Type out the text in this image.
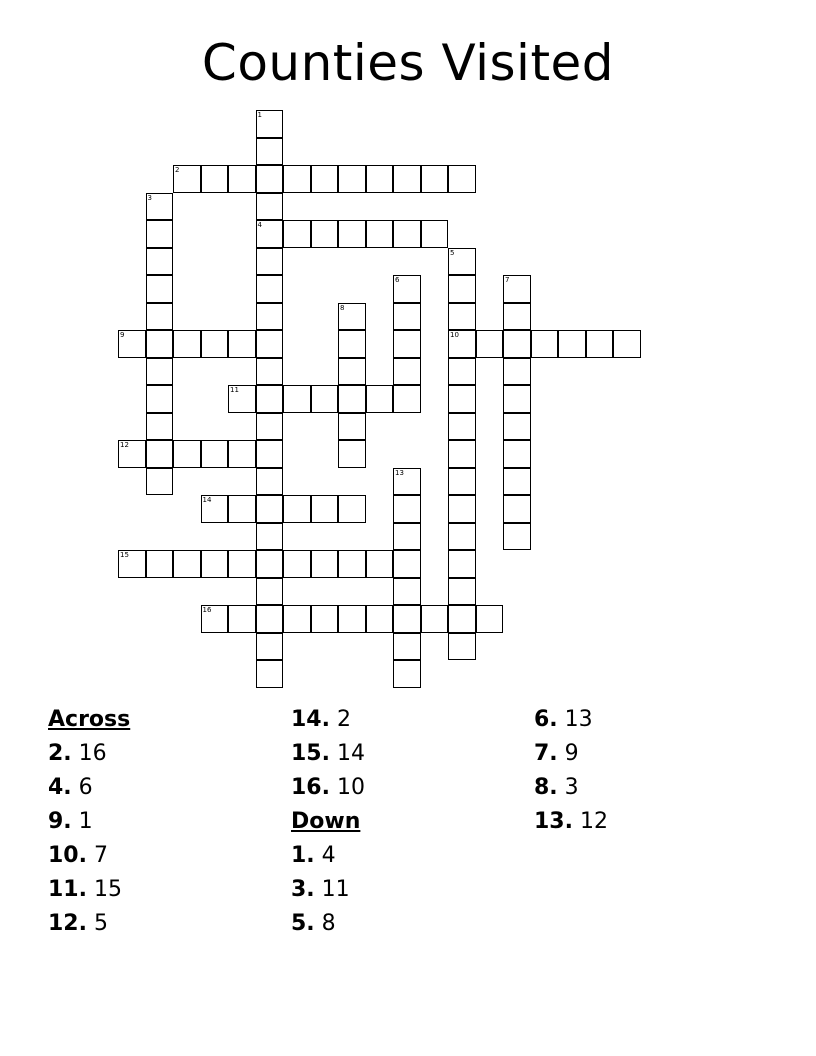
Counties Visited
1
4
2
3
5
10
6	7
8
9
11
12
13
14
15
16
Across
2. 16
4. 6
9. 1
10. 7
11. 15
12. 5
14. 2
15. 14
16. 10
Down
1. 4
3. 11
5. 8
6. 13
7. 9
8. 3
13. 12
